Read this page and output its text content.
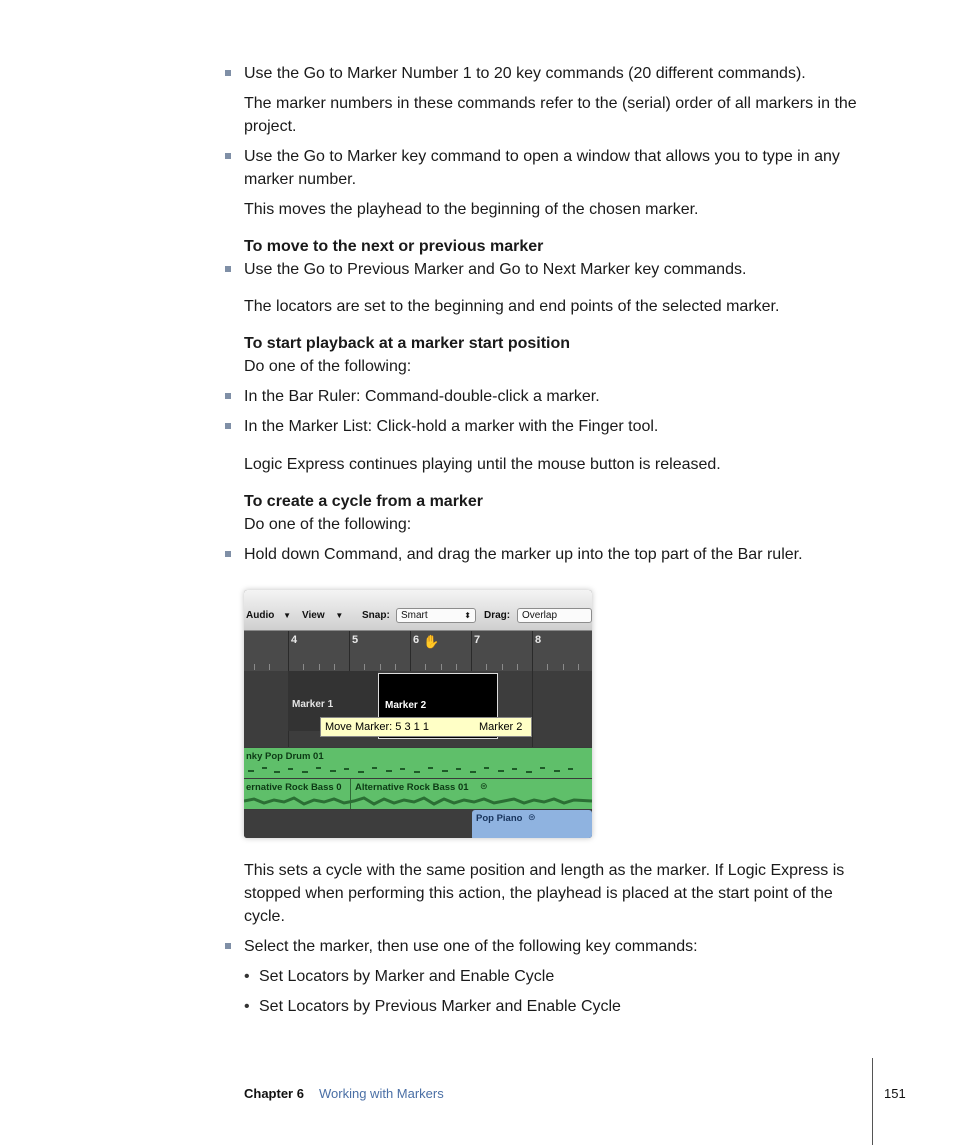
Use the Go to Marker Number 1 to 20 key commands (20 different commands).
The marker numbers in these commands refer to the (serial) order of all markers in the project.
Use the Go to Marker key command to open a window that allows you to type in any marker number.
This moves the playhead to the beginning of the chosen marker.
To move to the next or previous marker
Use the Go to Previous Marker and Go to Next Marker key commands.
The locators are set to the beginning and end points of the selected marker.
To start playback at a marker start position
Do one of the following:
In the Bar Ruler: Command-double-click a marker.
In the Marker List: Click-hold a marker with the Finger tool.
Logic Express continues playing until the mouse button is released.
To create a cycle from a marker
Do one of the following:
Hold down Command, and drag the marker up into the top part of the Bar ruler.
Audio ▼ View ▼ Snap:	Smart	⬍ Drag:	Overlap
4	5	6	7	8
✋
Marker 1	Marker 2
Move Marker: 5 3 1 1	Marker 2
nky Pop Drum 01
ernative Rock Bass 0 Alternative Rock Bass 01 ⊜
Pop Piano ⊜
This sets a cycle with the same position and length as the marker. If Logic Express is stopped when performing this action, the playhead is placed at the start point of the cycle.
Select the marker, then use one of the following key commands:
• Set Locators by Marker and Enable Cycle
• Set Locators by Previous Marker and Enable Cycle
Chapter 6 Working with Markers	151
